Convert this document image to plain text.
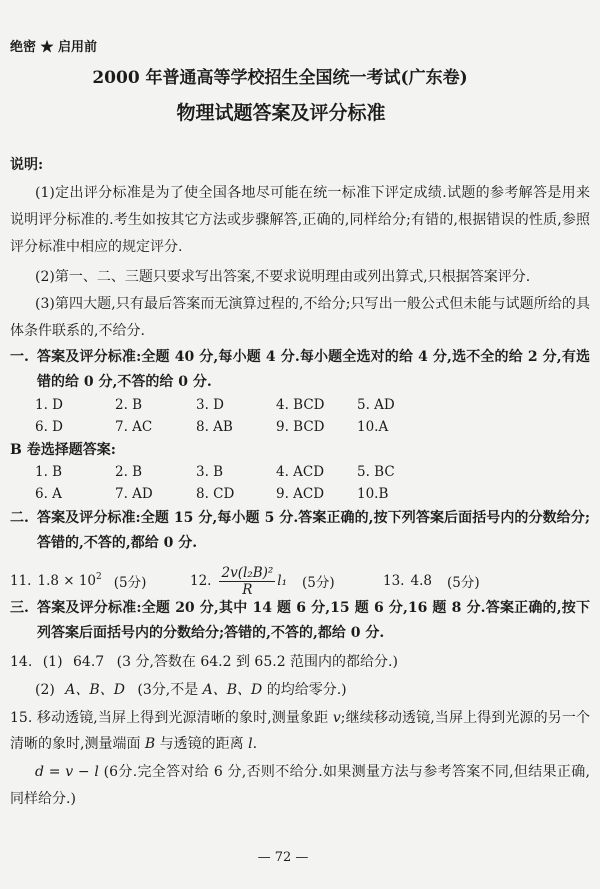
绝密 ★ 启用前
2000 年普通高等学校招生全国统一考试(广东卷)
物理试题答案及评分标准
说明:

(1)定出评分标准是为了使全国各地尽可能在统一标准下评定成绩.试题的参考解答是用来说明评分标准的.考生如按其它方法或步骤解答,正确的,同样给分;有错的,根据错误的性质,参照评分标准中相应的规定评分.

(2)第一、二、三题只要求写出答案,不要求说明理由或列出算式,只根据答案评分.

(3)第四大题,只有最后答案而无演算过程的,不给分;只写出一般公式但未能与试题所给的具体条件联系的,不给分.

一. 答案及评分标准:全题 40 分,每小题 4 分.每小题全选对的给 4 分,选不全的给 2 分,有选错的给 0 分,不答的给 0 分.
1. D	2. B	3. D	4. BCD 5. AD
6. D	7. AC	8. AB	9. BCD 10.A
B 卷选择题答案:
1. B	2. B	3. B	4. ACD 5. BC
6. A	7. AD	8. CD	9. ACD 10.B
二. 答案及评分标准:全题 15 分,每小题 5 分.答案正确的,按下列答案后面括号内的分数给分;答错的,不答的,都给 0 分.
11. $1.8 \times 10^2$ (5分)	12. $\frac{\text{2v(l₂B)²}}{R} l_1$ (5分)	13. 4.8 (5分)
三. 答案及评分标准:全题 20 分,其中 14 题 6 分,15 题 6 分,16 题 8 分.答案正确的,按下列答案后面括号内的分数给分;答错的,不答的,都给 0 分.
14. (1) 64.7 (3 分,答数在 64.2 到 65.2 范围内的都给分.)
(2) A、B、D (3分,不是 A、B、D 的均给零分.)

15. 移动透镜,当屏上得到光源清晰的象时,测量象距 v;继续移动透镜,当屏上得到光源的另一个清晰的象时,测量端面 B 与透镜的距离 l.

d = v − l (6分.完全答对给 6 分,否则不给分.如果测量方法与参考答案不同,但结果正确,同样给分.)

— 72 —
